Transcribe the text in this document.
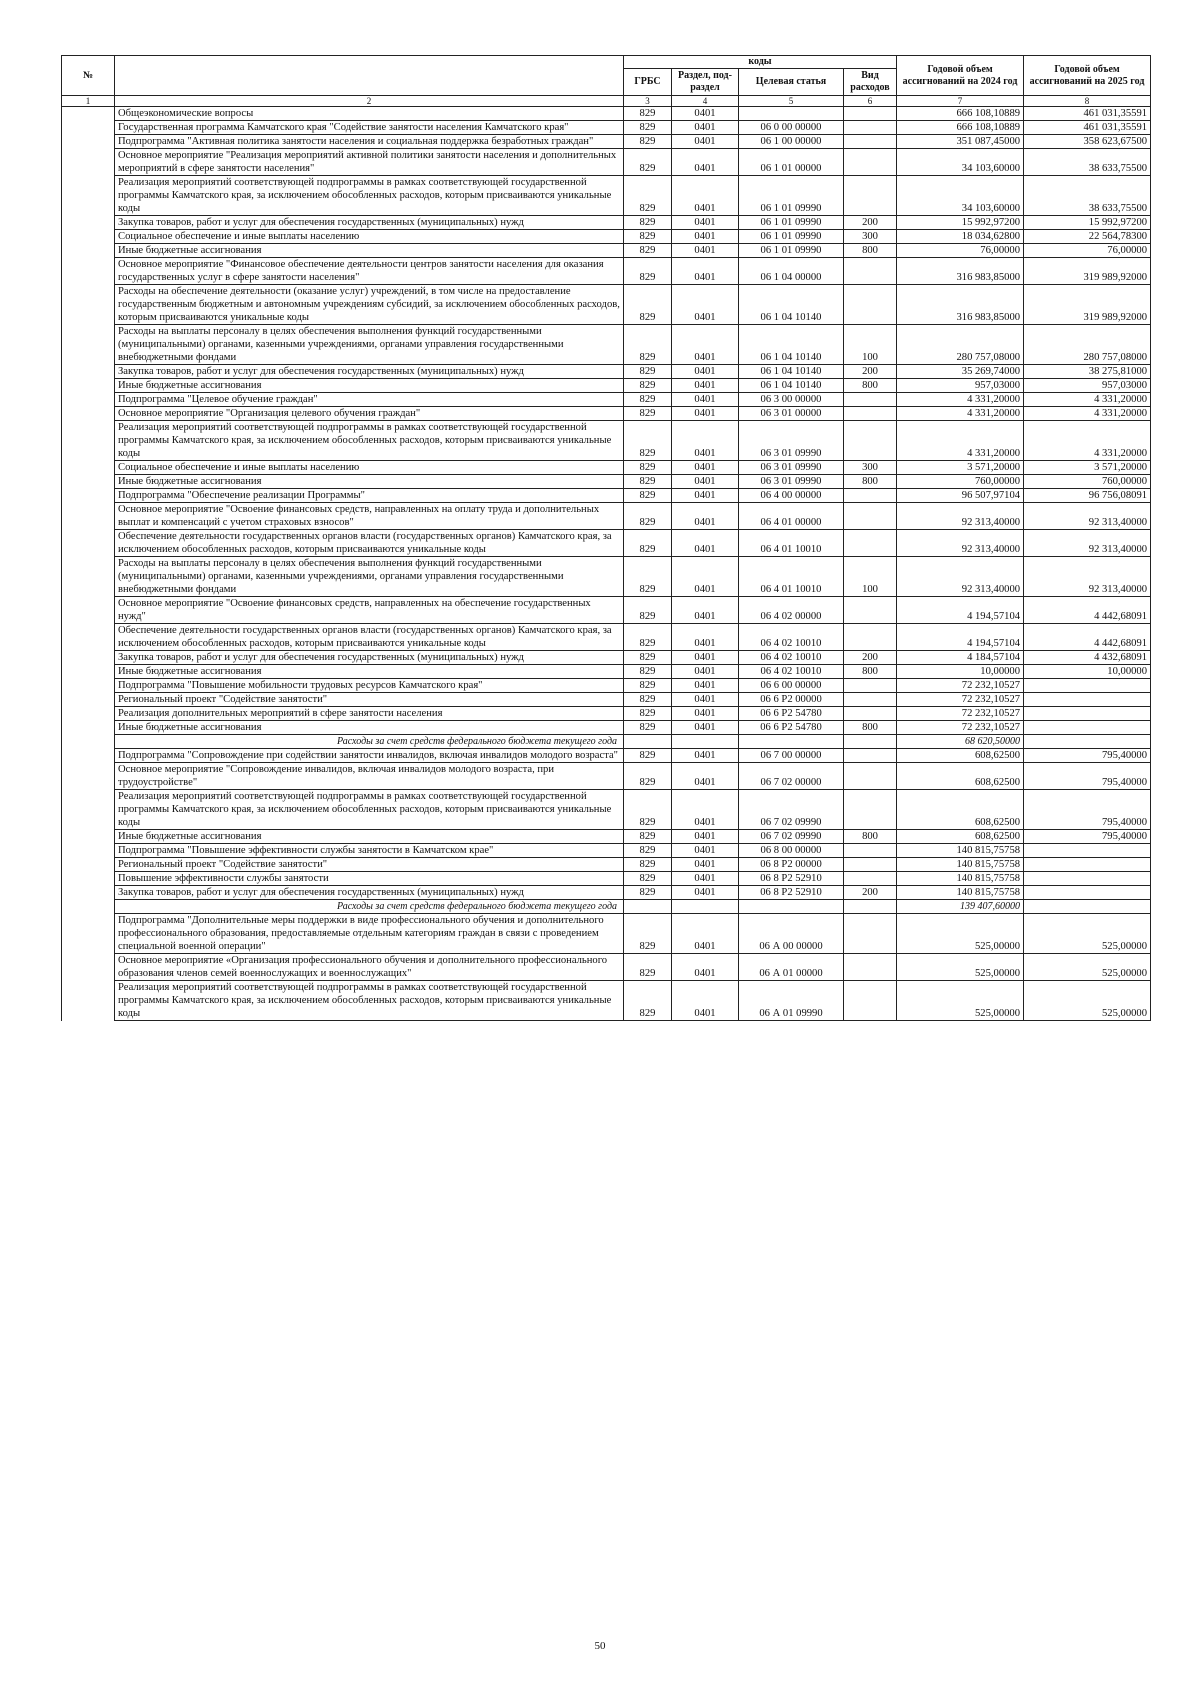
№		коды				Годовой объем ассигнований на 2024 год	Годовой объем ассигнований на 2025 год
		ГРБС	Раздел, под-раздел	Целевая статья	Вид расходов		
1	2	3	4	5	6	7	8
	Общеэкономические вопросы	829	0401			666 108,10889	461 031,35591
	Государственная программа Камчатского края "Содействие занятости населения Камчатского края"	829	0401	06 0 00 00000		666 108,10889	461 031,35591
	Подпрограмма "Активная политика занятости населения и социальная поддержка безработных граждан"	829	0401	06 1 00 00000		351 087,45000	358 623,67500
	Основное мероприятие "Реализация мероприятий активной политики занятости населения и дополнительных мероприятий в сфере занятости населения"	829	0401	06 1 01 00000		34 103,60000	38 633,75500
	Реализация мероприятий соответствующей подпрограммы в рамках соответствующей государственной программы Камчатского края, за исключением обособленных расходов, которым присваиваются уникальные коды	829	0401	06 1 01 09990		34 103,60000	38 633,75500
	Закупка товаров, работ и услуг для обеспечения государственных (муниципальных) нужд	829	0401	06 1 01 09990	200	15 992,97200	15 992,97200
	Социальное обеспечение и иные выплаты населению	829	0401	06 1 01 09990	300	18 034,62800	22 564,78300
	Иные бюджетные ассигнования	829	0401	06 1 01 09990	800	76,00000	76,00000
	Основное мероприятие "Финансовое обеспечение деятельности центров занятости населения для оказания государственных услуг в сфере занятости населения"	829	0401	06 1 04 00000		316 983,85000	319 989,92000
	Расходы на обеспечение деятельности (оказание услуг) учреждений, в том числе на предоставление государственным бюджетным и автономным учреждениям субсидий, за исключением обособленных расходов, которым присваиваются уникальные коды	829	0401	06 1 04 10140		316 983,85000	319 989,92000
	Расходы на выплаты персоналу в целях обеспечения выполнения функций государственными (муниципальными) органами, казенными учреждениями, органами управления государственными внебюджетными фондами	829	0401	06 1 04 10140	100	280 757,08000	280 757,08000
	Закупка товаров, работ и услуг для обеспечения государственных (муниципальных) нужд	829	0401	06 1 04 10140	200	35 269,74000	38 275,81000
	Иные бюджетные ассигнования	829	0401	06 1 04 10140	800	957,03000	957,03000
	Подпрограмма "Целевое обучение граждан"	829	0401	06 3 00 00000		4 331,20000	4 331,20000
	Основное мероприятие "Организация целевого обучения граждан"	829	0401	06 3 01 00000		4 331,20000	4 331,20000
	Реализация мероприятий соответствующей подпрограммы в рамках соответствующей государственной программы Камчатского края, за исключением обособленных расходов, которым присваиваются уникальные коды	829	0401	06 3 01 09990		4 331,20000	4 331,20000
	Социальное обеспечение и иные выплаты населению	829	0401	06 3 01 09990	300	3 571,20000	3 571,20000
	Иные бюджетные ассигнования	829	0401	06 3 01 09990	800	760,00000	760,00000
	Подпрограмма "Обеспечение реализации Программы"	829	0401	06 4 00 00000		96 507,97104	96 756,08091
	Основное мероприятие "Освоение финансовых средств, направленных на оплату труда и дополнительных выплат и компенсаций с учетом страховых взносов"	829	0401	06 4 01 00000		92 313,40000	92 313,40000
	Обеспечение деятельности государственных органов власти (государственных органов) Камчатского края, за исключением обособленных расходов, которым присваиваются уникальные коды	829	0401	06 4 01 10010		92 313,40000	92 313,40000
	Расходы на выплаты персоналу в целях обеспечения выполнения функций государственными (муниципальными) органами, казенными учреждениями, органами управления государственными внебюджетными фондами	829	0401	06 4 01 10010	100	92 313,40000	92 313,40000
	Основное мероприятие "Освоение финансовых средств, направленных на обеспечение государственных нужд"	829	0401	06 4 02 00000		4 194,57104	4 442,68091
	Обеспечение деятельности государственных органов власти (государственных органов) Камчатского края, за исключением обособленных расходов, которым присваиваются уникальные коды	829	0401	06 4 02 10010		4 194,57104	4 442,68091
	Закупка товаров, работ и услуг для обеспечения государственных (муниципальных) нужд	829	0401	06 4 02 10010	200	4 184,57104	4 432,68091
	Иные бюджетные ассигнования	829	0401	06 4 02 10010	800	10,00000	10,00000
	Подпрограмма "Повышение мобильности трудовых ресурсов Камчатского края"	829	0401	06 6 00 00000		72 232,10527	
	Региональный проект "Содействие занятости"	829	0401	06 6 P2 00000		72 232,10527	
	Реализация дополнительных мероприятий в сфере занятости населения	829	0401	06 6 P2 54780		72 232,10527	
	Иные бюджетные ассигнования	829	0401	06 6 P2 54780	800	72 232,10527	
	Расходы за счет средств федерального бюджета текущего года					68 620,50000	
	Подпрограмма "Сопровождение при содействии занятости инвалидов, включая инвалидов молодого возраста"	829	0401	06 7 00 00000		608,62500	795,40000
	Основное мероприятие "Сопровождение инвалидов, включая инвалидов молодого возраста, при трудоустройстве"	829	0401	06 7 02 00000		608,62500	795,40000
	Реализация мероприятий соответствующей подпрограммы в рамках соответствующей государственной программы Камчатского края, за исключением обособленных расходов, которым присваиваются уникальные коды	829	0401	06 7 02 09990		608,62500	795,40000
	Иные бюджетные ассигнования	829	0401	06 7 02 09990	800	608,62500	795,40000
	Подпрограмма "Повышение эффективности службы занятости в Камчатском крае"	829	0401	06 8 00 00000		140 815,75758	
	Региональный проект "Содействие занятости"	829	0401	06 8 P2 00000		140 815,75758	
	Повышение эффективности службы занятости	829	0401	06 8 P2 52910		140 815,75758	
	Закупка товаров, работ и услуг для обеспечения государственных (муниципальных) нужд	829	0401	06 8 P2 52910	200	140 815,75758	
	Расходы за счет средств федерального бюджета текущего года					139 407,60000	
	Подпрограмма "Дополнительные меры поддержки в виде профессионального обучения и дополнительного профессионального образования, предоставляемые отдельным категориям граждан в связи с проведением специальной военной операции"	829	0401	06 А 00 00000		525,00000	525,00000
	Основное мероприятие «Организация профессионального обучения и дополнительного профессионального образования членов семей военнослужащих и военнослужащих"	829	0401	06 А 01 00000		525,00000	525,00000
	Реализация мероприятий соответствующей подпрограммы в рамках соответствующей государственной программы Камчатского края, за исключением обособленных расходов, которым присваиваются уникальные коды	829	0401	06 А 01 09990		525,00000	525,00000
50
